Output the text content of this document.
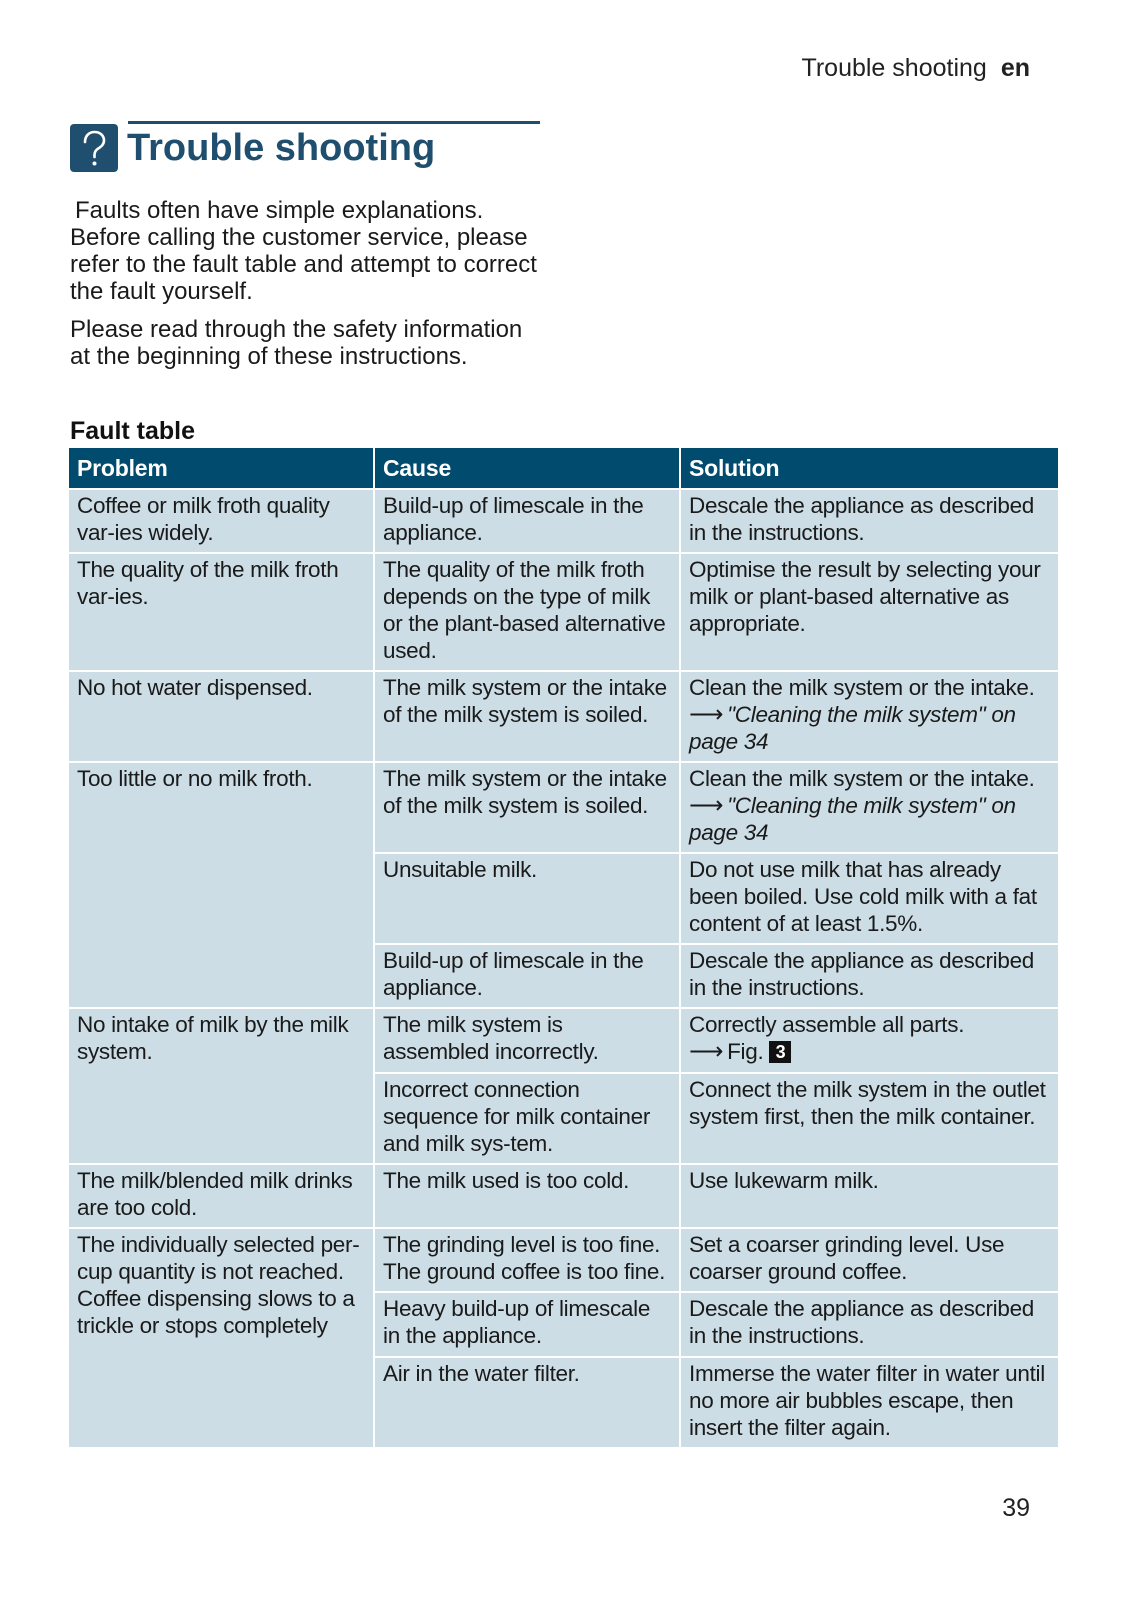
Trouble shooting en
Trouble shooting

Faults often have simple explanations. Before calling the customer service, please refer to the fault table and attempt to correct the fault yourself.

Please read through the safety information at the beginning of these instructions.

Fault table
Problem	Cause	Solution
Coffee or milk froth quality var-ies widely.	Build-up of limescale in the appliance.	Descale the appliance as described in the instructions.
The quality of the milk froth var-ies.	The quality of the milk froth depends on the type of milk or the plant-based alternative used.	Optimise the result by selecting your milk or plant-based alternative as appropriate.
No hot water dispensed.	The milk system or the intake of the milk system is soiled.	Clean the milk system or the intake.
⟶ "Cleaning the milk system" on page 34

Too little or no milk froth.	The milk system or the intake of the milk system is soiled.	Clean the milk system or the intake.
⟶ "Cleaning the milk system" on page 34

	Unsuitable milk.	Do not use milk that has already been boiled. Use cold milk with a fat content of at least 1.5%.
	Build-up of limescale in the appliance.	Descale the appliance as described in the instructions.
No intake of milk by the milk system.	The milk system is assembled incorrectly.	Correctly assemble all parts.
⟶ Fig. 3

	Incorrect connection sequence for milk container and milk sys-tem.	Connect the milk system in the outlet system first, then the milk container.
The milk/blended milk drinks are too cold.	The milk used is too cold.	Use lukewarm milk.
The individually selected per-cup quantity is not reached. Coffee dispensing slows to a trickle or stops completely	The grinding level is too fine. The ground coffee is too fine.	Set a coarser grinding level. Use coarser ground coffee.
	Heavy build-up of limescale in the appliance.	Descale the appliance as described in the instructions.
	Air in the water filter.	Immerse the water filter in water until no more air bubbles escape, then insert the filter again.
39
